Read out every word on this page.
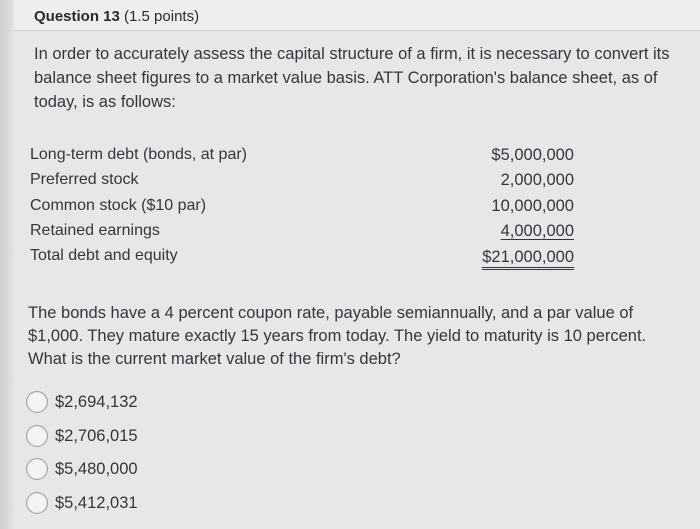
Question 13 (1.5 points)
In order to accurately assess the capital structure of a firm, it is necessary to convert its balance sheet figures to a market value basis. ATT Corporation's balance sheet, as of today, is as follows:
Long-term debt (bonds, at par)	$5,000,000
Preferred stock	2,000,000
Common stock ($10 par)	10,000,000
Retained earnings	4,000,000
Total debt and equity	$21,000,000
The bonds have a 4 percent coupon rate, payable semiannually, and a par value of $1,000. They mature exactly 15 years from today. The yield to maturity is 10 percent. What is the current market value of the firm's debt?
$2,694,132
$2,706,015
$5,480,000
$5,412,031
